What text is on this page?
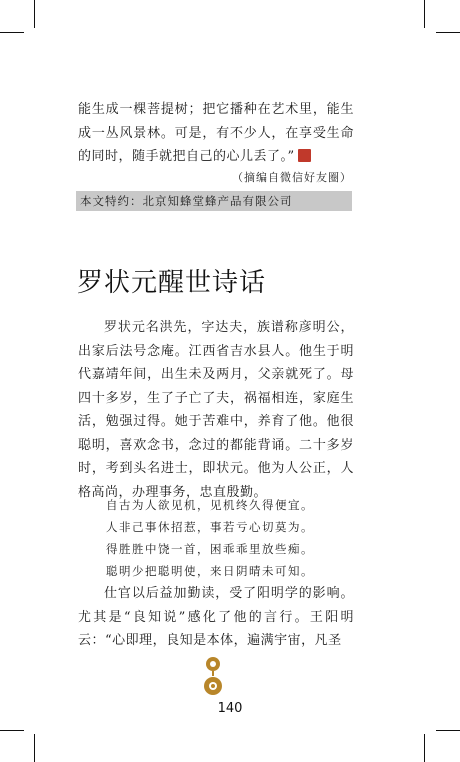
能生成一棵菩提树；把它播种在艺术里，能生成一丛风景林。可是，有不少人，在享受生命的同时，随手就把自己的心儿丢了。”
（摘编自微信好友圈）
本文特约：北京知蜂堂蜂产品有限公司
罗状元醒世诗话
罗状元名洪先，字达夫，族谱称彦明公，出家后法号念庵。江西省吉水县人。他生于明代嘉靖年间，出生未及两月，父亲就死了。母四十多岁，生了子亡了夫，祸福相连，家庭生活，勉强过得。她于苦难中，养育了他。他很聪明，喜欢念书，念过的都能背诵。二十多岁时，考到头名进士，即状元。他为人公正，人格高尚，办理事务，忠直殷勤。
自古为人欲见机，见机终久得便宜。
人非己事休招惹，事若亏心切莫为。
得胜胜中饶一首，困乖乖里放些痴。
聪明少把聪明使，来日阴晴未可知。
仕官以后益加勤读，受了阳明学的影响。尤其是“良知说”感化了他的言行。王阳明云：“心即理，良知是本体，遍满宇宙，凡圣
140
